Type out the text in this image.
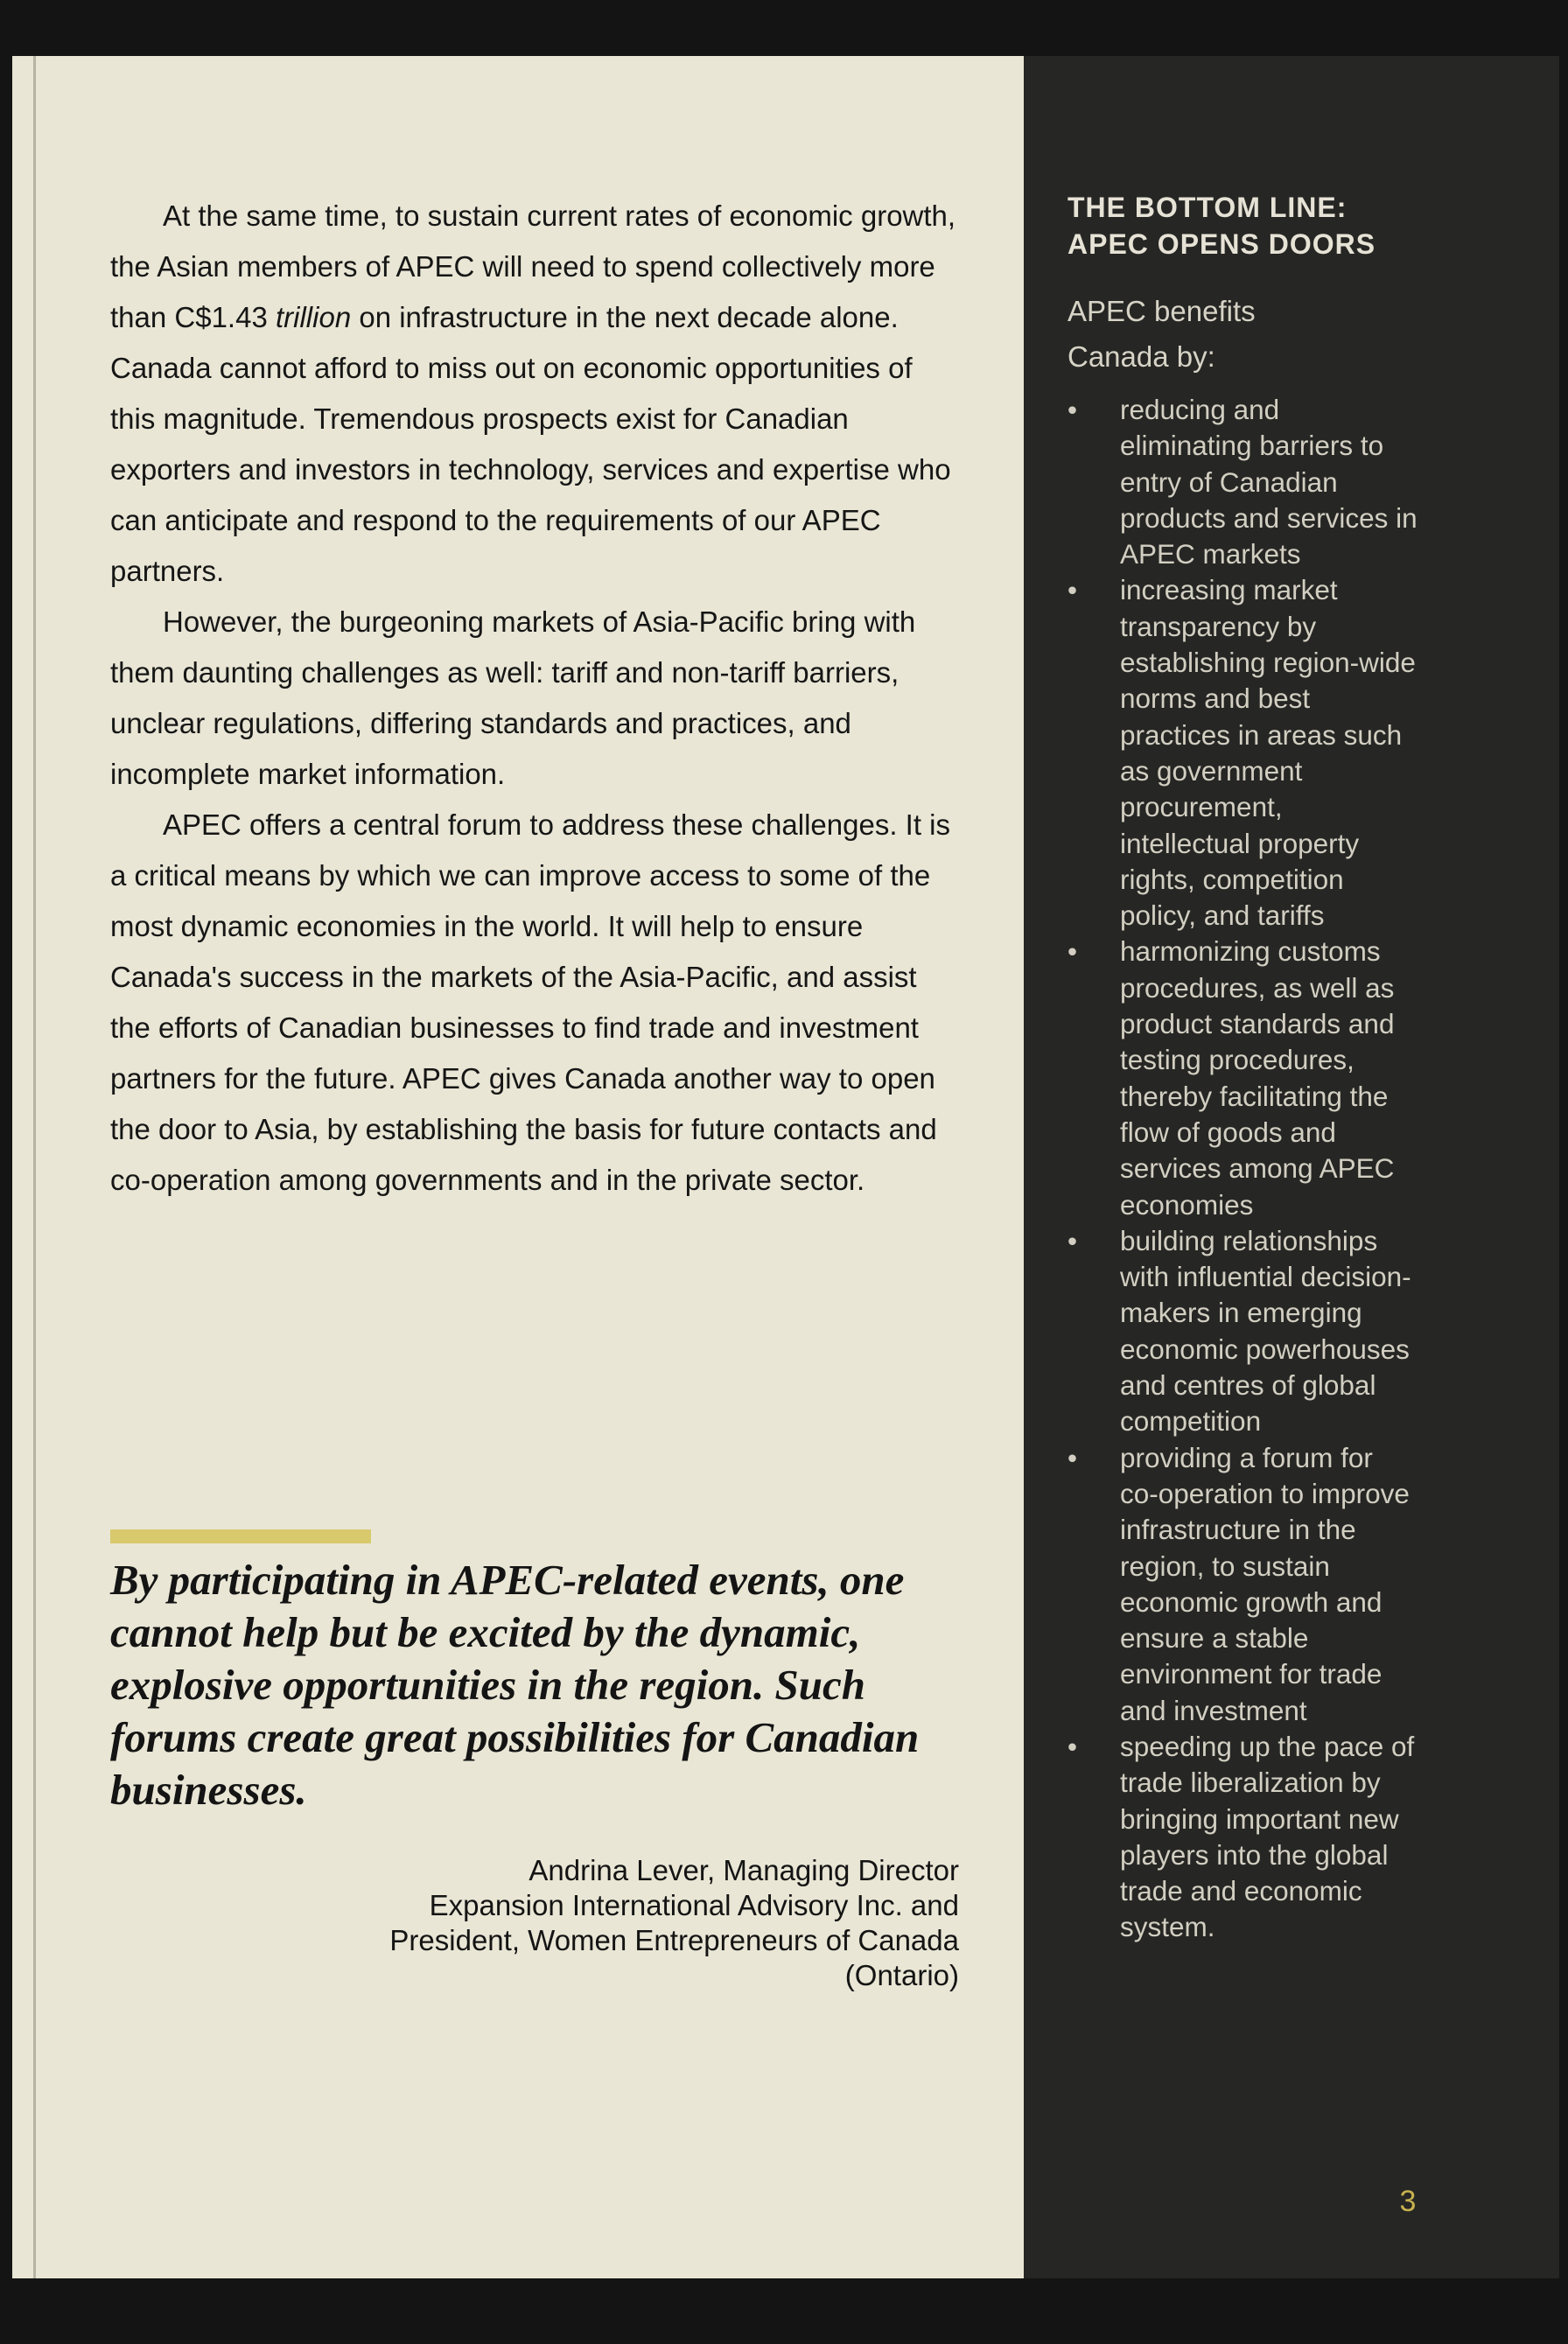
At the same time, to sustain current rates of economic growth, the Asian members of APEC will need to spend collectively more than C$1.43 trillion on infrastructure in the next decade alone. Canada cannot afford to miss out on economic opportunities of this magnitude. Tremendous prospects exist for Canadian exporters and investors in technology, services and expertise who can anticipate and respond to the requirements of our APEC partners.

However, the burgeoning markets of Asia-Pacific bring with them daunting challenges as well: tariff and non-tariff barriers, unclear regulations, differing standards and practices, and incomplete market information.

APEC offers a central forum to address these challenges. It is a critical means by which we can improve access to some of the most dynamic economies in the world. It will help to ensure Canada's success in the markets of the Asia-Pacific, and assist the efforts of Canadian businesses to find trade and investment partners for the future. APEC gives Canada another way to open the door to Asia, by establishing the basis for future contacts and co-operation among governments and in the private sector.

By participating in APEC-related events, one cannot help but be excited by the dynamic, explosive opportunities in the region. Such forums create great possibilities for Canadian businesses.
Andrina Lever, Managing Director
Expansion International Advisory Inc. and
President, Women Entrepreneurs of Canada
(Ontario)
THE BOTTOM LINE:
APEC OPENS DOORS
APEC benefits Canada by:
•	reducing and eliminating barriers to entry of Canadian products and services in APEC markets
•	increasing market transparency by establishing region-wide norms and best practices in areas such as government procurement, intellectual property rights, competition policy, and tariffs
•	harmonizing customs procedures, as well as product standards and testing procedures, thereby facilitating the flow of goods and services among APEC economies
•	building relationships with influential decision-makers in emerging economic powerhouses and centres of global competition
•	providing a forum for co-operation to improve infrastructure in the region, to sustain economic growth and ensure a stable environment for trade and investment
•	speeding up the pace of trade liberalization by bringing important new players into the global trade and economic system.
3
